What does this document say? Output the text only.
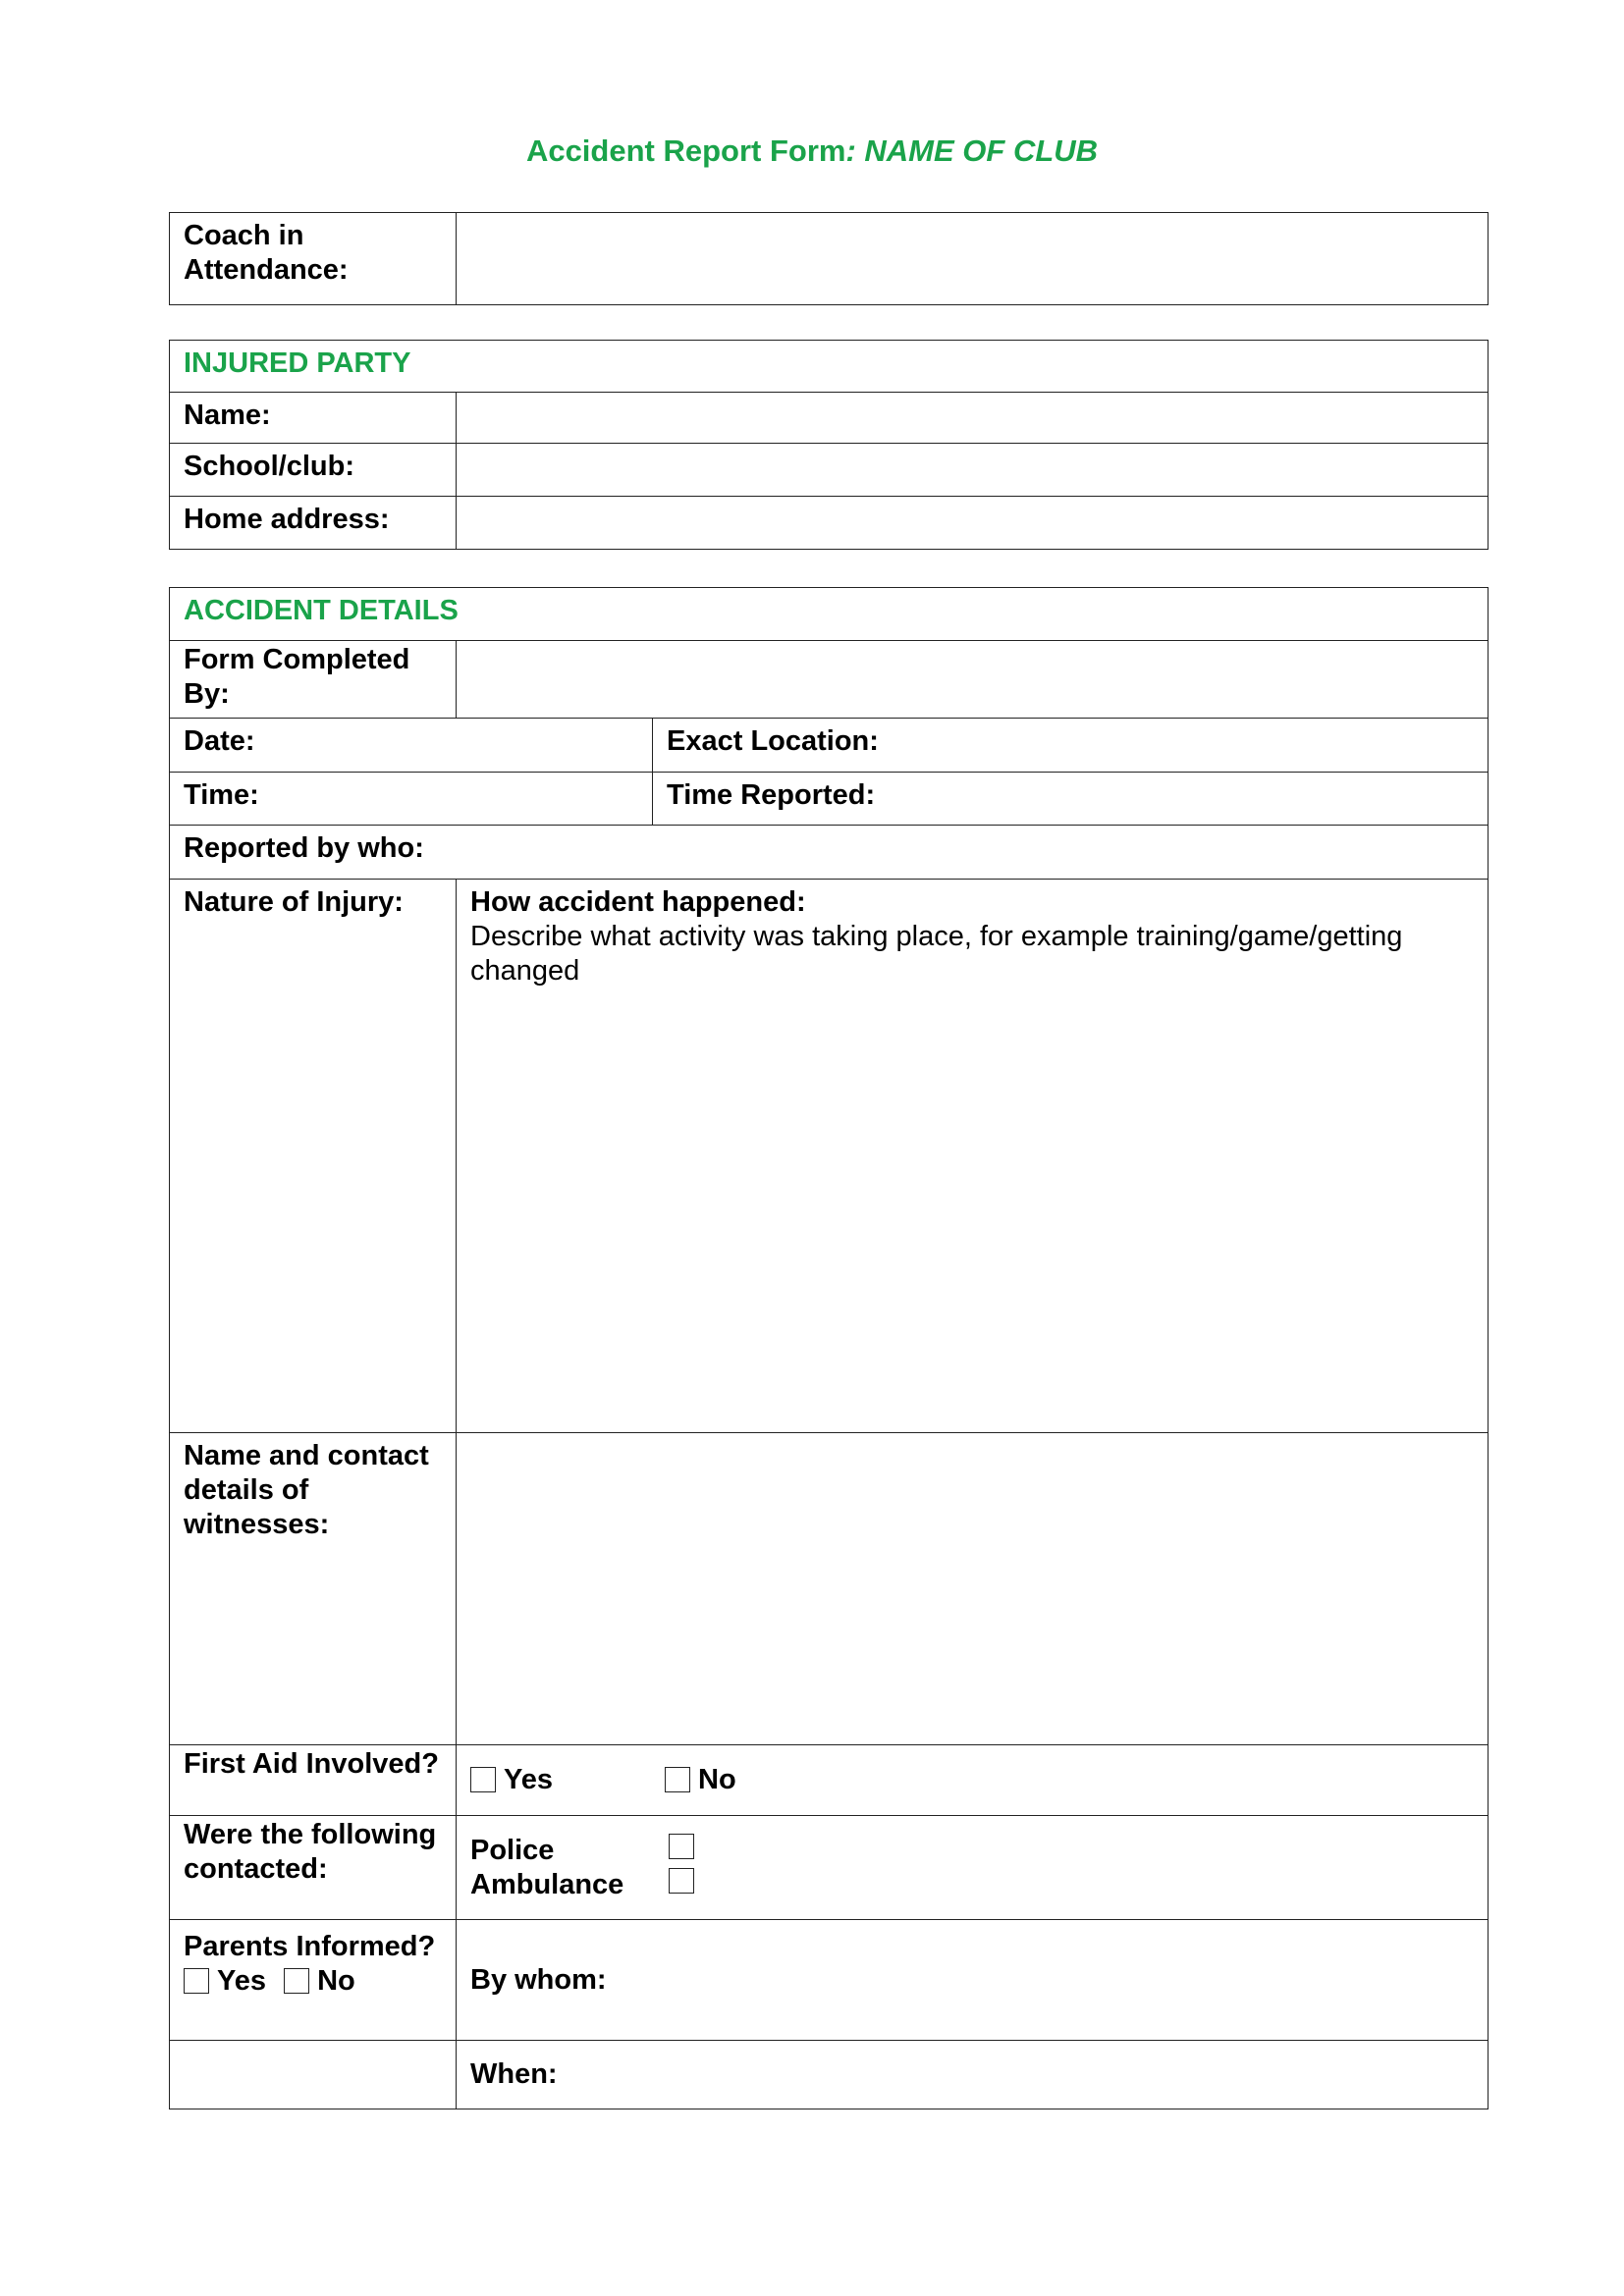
Accident Report Form: NAME OF CLUB
Coach in Attendance:	
INJURED PARTY	
Name:	
School/club:	
Home address:	
ACCIDENT DETAILS		
Form Completed By:		
Date:		Exact Location:
Time:		Time Reported:
Reported by who:		
Nature of Injury:	How accident happened:
Describe what activity was taking place, for example training/game/getting changed	

Name and contact details of witnesses:		
First Aid Involved?	Yes No	
Were the following contacted:	Police
Ambulance	

Parents Informed?
Yes No	By whom:	
	When:	
